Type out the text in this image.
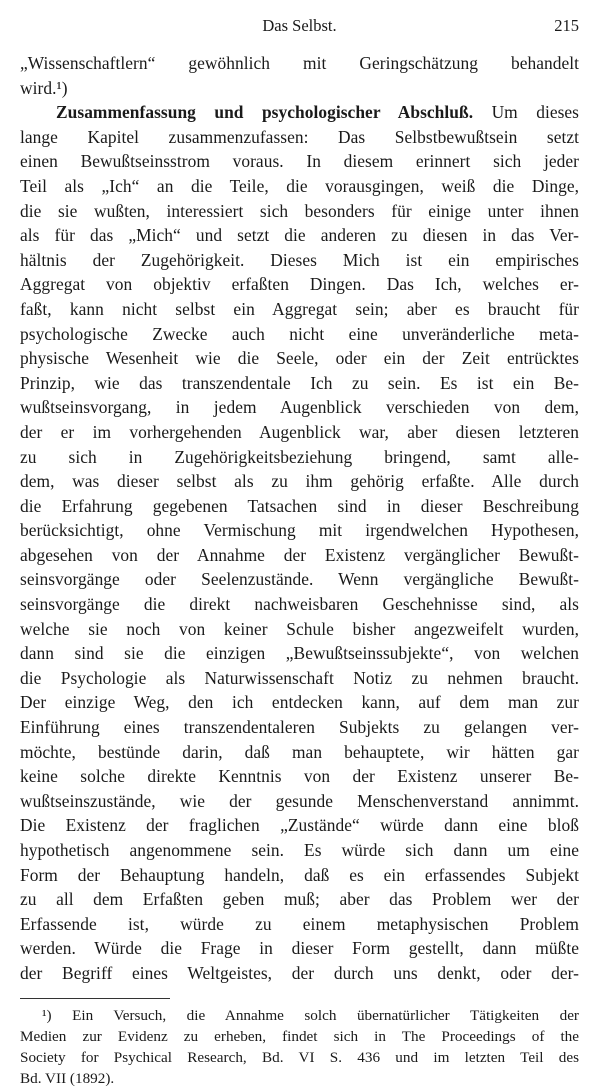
Das Selbst.	215
„Wissenschaftlern“ gewöhnlich mit Geringschätzung behandelt
wird.¹)
Zusammenfassung und psychologischer Abschluß. Um dieses
lange Kapitel zusammenzufassen: Das Selbstbewußtsein setzt
einen Bewußtseinsstrom voraus. In diesem erinnert sich jeder
Teil als „Ich“ an die Teile, die vorausgingen, weiß die Dinge,
die sie wußten, interessiert sich besonders für einige unter ihnen
als für das „Mich“ und setzt die anderen zu diesen in das Ver-
hältnis der Zugehörigkeit. Dieses Mich ist ein empirisches
Aggregat von objektiv erfaßten Dingen. Das Ich, welches er-
faßt, kann nicht selbst ein Aggregat sein; aber es braucht für
psychologische Zwecke auch nicht eine unveränderliche meta-
physische Wesenheit wie die Seele, oder ein der Zeit entrücktes
Prinzip, wie das transzendentale Ich zu sein. Es ist ein Be-
wußtseinsvorgang, in jedem Augenblick verschieden von dem,
der er im vorhergehenden Augenblick war, aber diesen letzteren
zu sich in Zugehörigkeitsbeziehung bringend, samt alle-
dem, was dieser selbst als zu ihm gehörig erfaßte. Alle durch
die Erfahrung gegebenen Tatsachen sind in dieser Beschreibung
berücksichtigt, ohne Vermischung mit irgendwelchen Hypothesen,
abgesehen von der Annahme der Existenz vergänglicher Bewußt-
seinsvorgänge oder Seelenzustände. Wenn vergängliche Bewußt-
seinsvorgänge die direkt nachweisbaren Geschehnisse sind, als
welche sie noch von keiner Schule bisher angezweifelt wurden,
dann sind sie die einzigen „Bewußtseinssubjekte“, von welchen
die Psychologie als Naturwissenschaft Notiz zu nehmen braucht.
Der einzige Weg, den ich entdecken kann, auf dem man zur
Einführung eines transzendentaleren Subjekts zu gelangen ver-
möchte, bestünde darin, daß man behauptete, wir hätten gar
keine solche direkte Kenntnis von der Existenz unserer Be-
wußtseinszustände, wie der gesunde Menschenverstand annimmt.
Die Existenz der fraglichen „Zustände“ würde dann eine bloß
hypothetisch angenommene sein. Es würde sich dann um eine
Form der Behauptung handeln, daß es ein erfassendes Subjekt
zu all dem Erfaßten geben muß; aber das Problem wer der
Erfassende ist, würde zu einem metaphysischen Problem
werden. Würde die Frage in dieser Form gestellt, dann müßte
der Begriff eines Weltgeistes, der durch uns denkt, oder der-
¹) Ein Versuch, die Annahme solch übernatürlicher Tätigkeiten der
Medien zur Evidenz zu erheben, findet sich in The Proceedings of the
Society for Psychical Research, Bd. VI S. 436 und im letzten Teil des
Bd. VII (1892).
